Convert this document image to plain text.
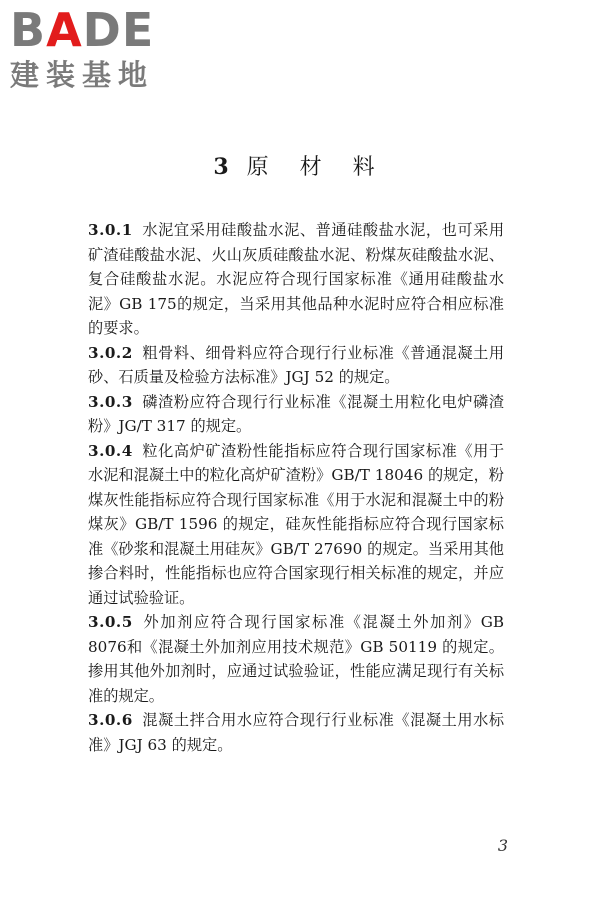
BADE
建装基地
3 原 材 料

3.0.1 水泥宜采用硅酸盐水泥、普通硅酸盐水泥，也可采用矿渣硅酸盐水泥、火山灰质硅酸盐水泥、粉煤灰硅酸盐水泥、复合硅酸盐水泥。水泥应符合现行国家标准《通用硅酸盐水泥》GB 175的规定，当采用其他品种水泥时应符合相应标准的要求。

3.0.2 粗骨料、细骨料应符合现行行业标准《普通混凝土用砂、石质量及检验方法标准》JGJ 52 的规定。

3.0.3 磷渣粉应符合现行行业标准《混凝土用粒化电炉磷渣粉》JG/T 317 的规定。

3.0.4 粒化高炉矿渣粉性能指标应符合现行国家标准《用于水泥和混凝土中的粒化高炉矿渣粉》GB/T 18046 的规定，粉煤灰性能指标应符合现行国家标准《用于水泥和混凝土中的粉煤灰》GB/T 1596 的规定，硅灰性能指标应符合现行国家标准《砂浆和混凝土用硅灰》GB/T 27690 的规定。当采用其他掺合料时，性能指标也应符合国家现行相关标准的规定，并应通过试验验证。

3.0.5 外加剂应符合现行国家标准《混凝土外加剂》GB 8076和《混凝土外加剂应用技术规范》GB 50119 的规定。掺用其他外加剂时，应通过试验验证，性能应满足现行有关标准的规定。

3.0.6 混凝土拌合用水应符合现行行业标准《混凝土用水标准》JGJ 63 的规定。

3
